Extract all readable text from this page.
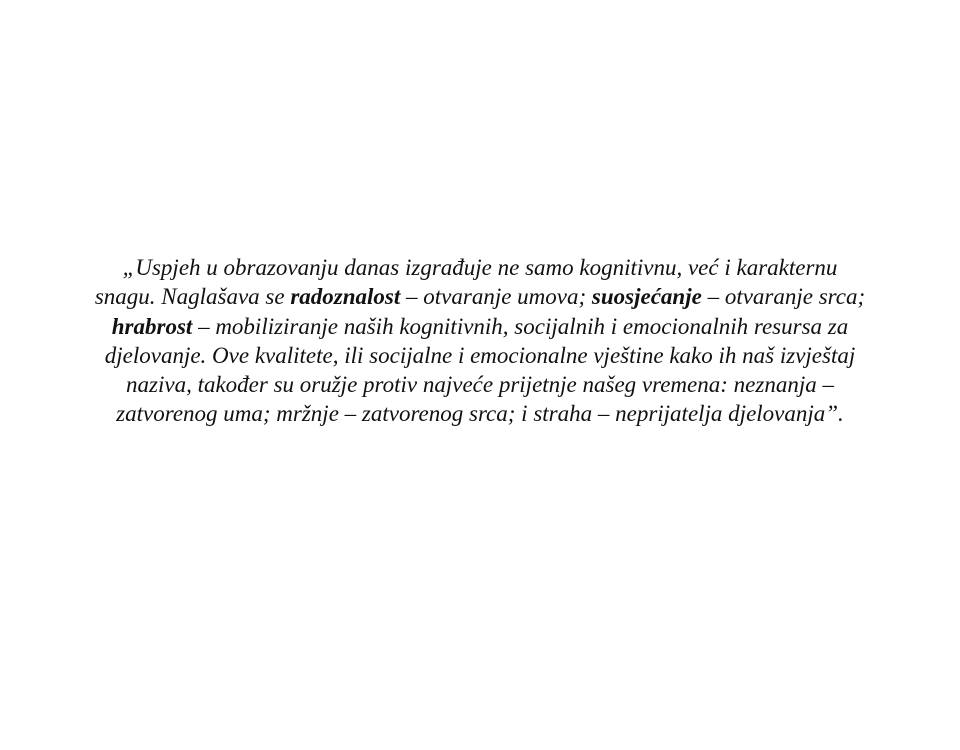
„Uspjeh u obrazovanju danas izgrađuje ne samo kognitivnu, već i karakternu
snagu. Naglašava se radoznalost – otvaranje umova; suosjećanje – otvaranje srca;
hrabrost – mobiliziranje naših kognitivnih, socijalnih i emocionalnih resursa za
djelovanje. Ove kvalitete, ili socijalne i emocionalne vještine kako ih naš izvještaj
naziva, također su oružje protiv najveće prijetnje našeg vremena: neznanja –
zatvorenog uma; mržnje – zatvorenog srca; i straha – neprijatelja djelovanja”.
